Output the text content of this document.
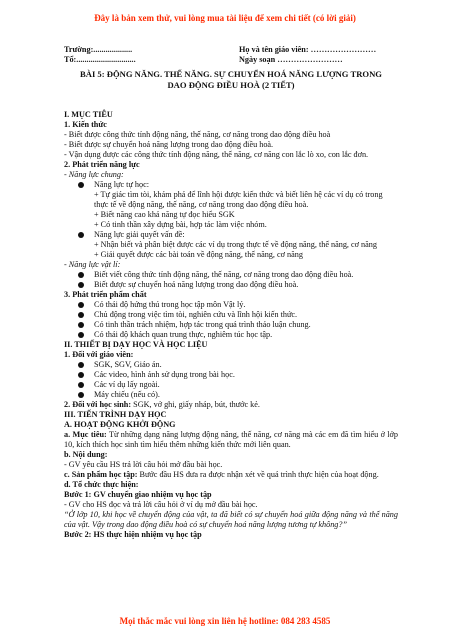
Đây là bản xem thử, vui lòng mua tài liệu để xem chi tiết (có lời giải)
Trường:...................	Họ và tên giáo viên: ……………………
Tổ:.............................	Ngày soạn ……………………
BÀI 5: ĐỘNG NĂNG. THẾ NĂNG. SỰ CHUYỂN HOÁ NĂNG LƯỢNG TRONG
DAO ĐỘNG ĐIỀU HOÀ (2 TIẾT)
I. MỤC TIÊU
1. Kiến thức
- Biết được công thức tính động năng, thế năng, cơ năng trong dao động điều hoà
- Biết được sự chuyển hoá năng lượng trong dao động điều hoà.
- Vận dụng được các công thức tính động năng, thế năng, cơ năng con lắc lò xo, con lắc đơn.
2. Phát triển năng lực
- Năng lực chung:
Năng lực tự học:
+ Tự giác tìm tòi, khám phá để lĩnh hội được kiến thức và biết liên hệ các ví dụ có trong thực tế về động năng, thế năng, cơ năng trong dao động điều hoà.
+ Biết năng cao khả năng tự đọc hiểu SGK
+ Có tinh thần xây dựng bài, hợp tác làm việc nhóm.
Năng lực giải quyết vấn đề:
+ Nhận biết và phân biệt được các ví dụ trong thực tế về động năng, thế năng, cơ năng
+ Giải quyết được các bài toán về động năng, thế năng, cơ năng
- Năng lực vật lí:
Biết viết công thức tính động năng, thế năng, cơ năng trong dao động điều hoà.
Biết được sự chuyển hoá năng lượng trong dao động điều hoà.
3. Phát triển phẩm chất
Có thái độ hứng thú trong học tập môn Vật lý.
Chủ động trong việc tìm tòi, nghiên cứu và lĩnh hội kiến thức.
Có tinh thần trách nhiệm, hợp tác trong quá trình thảo luận chung.
Có thái độ khách quan trung thực, nghiêm túc học tập.
II. THIẾT BỊ DẠY HỌC VÀ HỌC LIỆU
1. Đối với giáo viên:
SGK, SGV, Giáo án.
Các video, hình ảnh sử dụng trong bài học.
Các ví dụ lấy ngoài.
Máy chiếu (nếu có).
2. Đối với học sinh: SGK, vở ghi, giấy nháp, bút, thước kẻ.
III. TIẾN TRÌNH DẠY HỌC
A. HOẠT ĐỘNG KHỞI ĐỘNG
a. Mục tiêu: Từ những dạng năng lượng động năng, thế năng, cơ năng mà các em đã tìm hiểu ở lớp 10, kích thích học sinh tìm hiểu thêm những kiến thức mới liên quan.
b. Nội dung:
- GV yêu cầu HS trả lời câu hỏi mở đầu bài học.
c. Sản phẩm học tập: Bước đầu HS đưa ra được nhận xét về quá trình thực hiện của hoạt động.
d. Tổ chức thực hiện:
Bước 1: GV chuyển giao nhiệm vụ học tập
- GV cho HS đọc và trả lời câu hỏi ở ví dụ mở đầu bài học.
“Ở lớp 10, khi học về chuyển động của vật, ta đã biết có sự chuyển hoá giữa động năng và thế năng của vật. Vậy trong dao động điều hoà có sự chuyển hoá năng lượng tương tự không?”
Bước 2: HS thực hiện nhiệm vụ học tập
Mọi thắc mắc vui lòng xin liên hệ hotline: 084 283 4585
